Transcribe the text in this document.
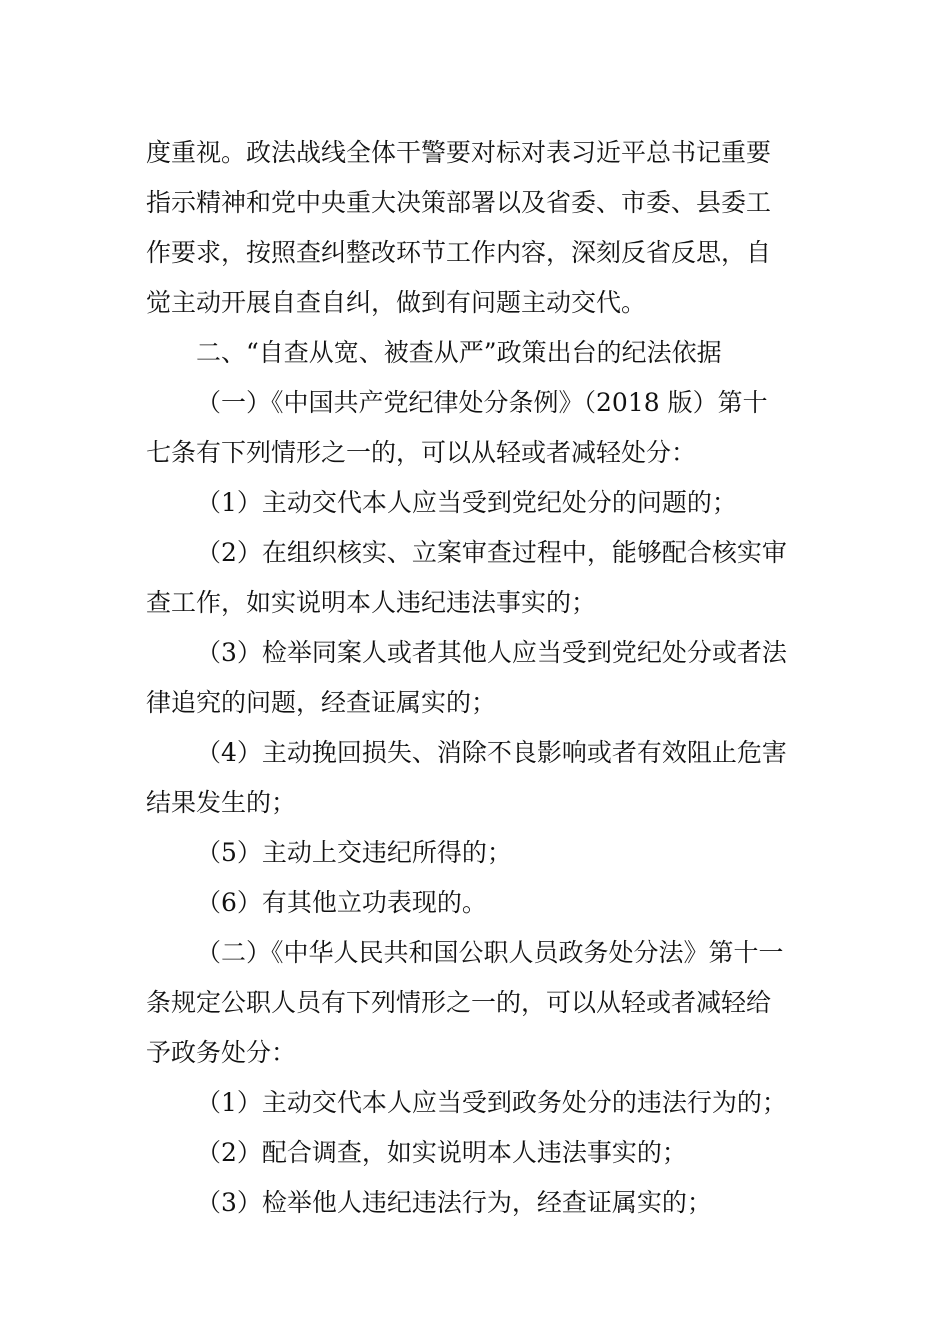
度重视。政法战线全体干警要对标对表习近平总书记重要
指示精神和党中央重大决策部署以及省委、市委、县委工
作要求，按照查纠整改环节工作内容，深刻反省反思，自
觉主动开展自查自纠，做到有问题主动交代。
二、“自查从宽、被查从严”政策出台的纪法依据
（一）《中国共产党纪律处分条例》（2018 版）第十
七条有下列情形之一的，可以从轻或者减轻处分：
（1）主动交代本人应当受到党纪处分的问题的；
（2）在组织核实、立案审查过程中，能够配合核实审
查工作，如实说明本人违纪违法事实的；
（3）检举同案人或者其他人应当受到党纪处分或者法
律追究的问题，经查证属实的；
（4）主动挽回损失、消除不良影响或者有效阻止危害
结果发生的；
（5）主动上交违纪所得的；
（6）有其他立功表现的。
（二）《中华人民共和国公职人员政务处分法》第十一
条规定公职人员有下列情形之一的，可以从轻或者减轻给
予政务处分：
（1）主动交代本人应当受到政务处分的违法行为的；
（2）配合调查，如实说明本人违法事实的；
（3）检举他人违纪违法行为，经查证属实的；
